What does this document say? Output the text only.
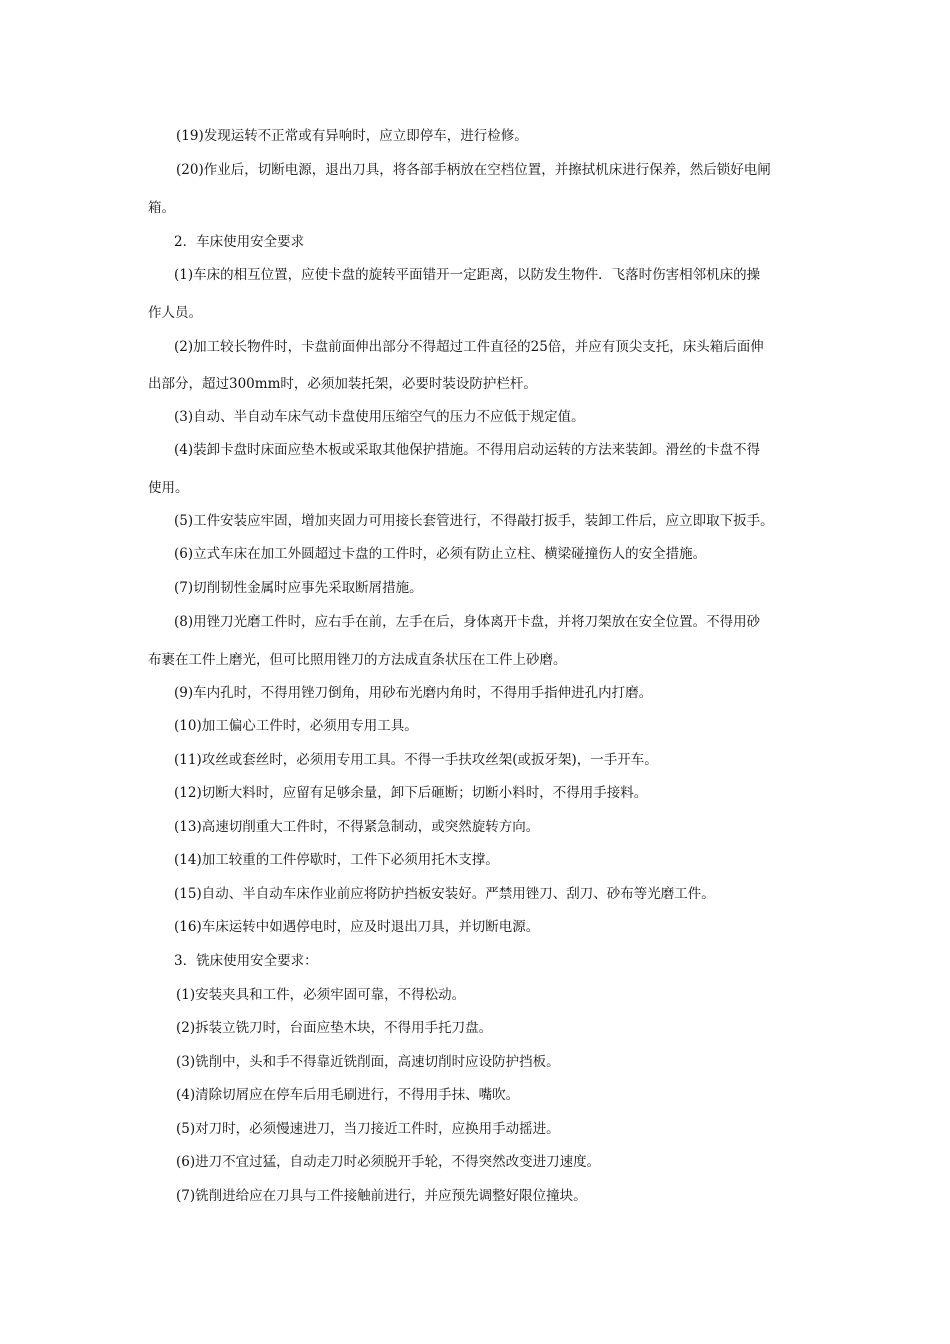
(19)发现运转不正常或有异响时，应立即停车，进行检修。
(20)作业后，切断电源，退出刀具，将各部手柄放在空档位置，并擦拭机床进行保养，然后锁好电闸
箱。
2．车床使用安全要求
(1)车床的相互位置，应使卡盘的旋转平面错开一定距离，以防发生物件．飞落时伤害相邻机床的操
作人员。
(2)加工较长物件时，卡盘前面伸出部分不得超过工件直径的25倍，并应有顶尖支托，床头箱后面伸
出部分，超过300mm时，必须加装托架，必要时装设防护栏杆。
(3)自动、半自动车床气动卡盘使用压缩空气的压力不应低于规定值。
(4)装卸卡盘时床面应垫木板或采取其他保护措施。不得用启动运转的方法来装卸。滑丝的卡盘不得
使用。
(5)工件安装应牢固，增加夹固力可用接长套管进行，不得敲打扳手，装卸工件后，应立即取下扳手。
(6)立式车床在加工外圆超过卡盘的工件时，必须有防止立柱、横梁碰撞伤人的安全措施。
(7)切削韧性金属时应事先采取断屑措施。
(8)用锉刀光磨工件时，应右手在前，左手在后，身体离开卡盘，并将刀架放在安全位置。不得用砂
布裹在工件上磨光，但可比照用锉刀的方法成直条状压在工件上砂磨。
(9)车内孔时，不得用锉刀倒角，用砂布光磨内角时，不得用手指伸进孔内打磨。
(10)加工偏心工件时，必须用专用工具。
(11)攻丝或套丝时，必须用专用工具。不得一手扶攻丝架(或扳牙架)，一手开车。
(12)切断大料时，应留有足够余量，卸下后砸断；切断小料时，不得用手接料。
(13)高速切削重大工件时，不得紧急制动，或突然旋转方向。
(14)加工较重的工件停歇时，工件下必须用托木支撑。
(15)自动、半自动车床作业前应将防护挡板安装好。严禁用锉刀、刮刀、砂布等光磨工件。
(16)车床运转中如遇停电时，应及时退出刀具，并切断电源。
3．铣床使用安全要求：
(1)安装夹具和工件，必须牢固可靠，不得松动。
(2)拆装立铣刀时，台面应垫木块，不得用手托刀盘。
(3)铣削中，头和手不得靠近铣削面，高速切削时应设防护挡板。
(4)清除切屑应在停车后用毛刷进行，不得用手抹、嘴吹。
(5)对刀时，必须慢速进刀，当刀接近工件时，应换用手动摇进。
(6)进刀不宜过猛，自动走刀时必须脱开手轮，不得突然改变进刀速度。
(7)铣削进给应在刀具与工件接触前进行，并应预先调整好限位撞块。
